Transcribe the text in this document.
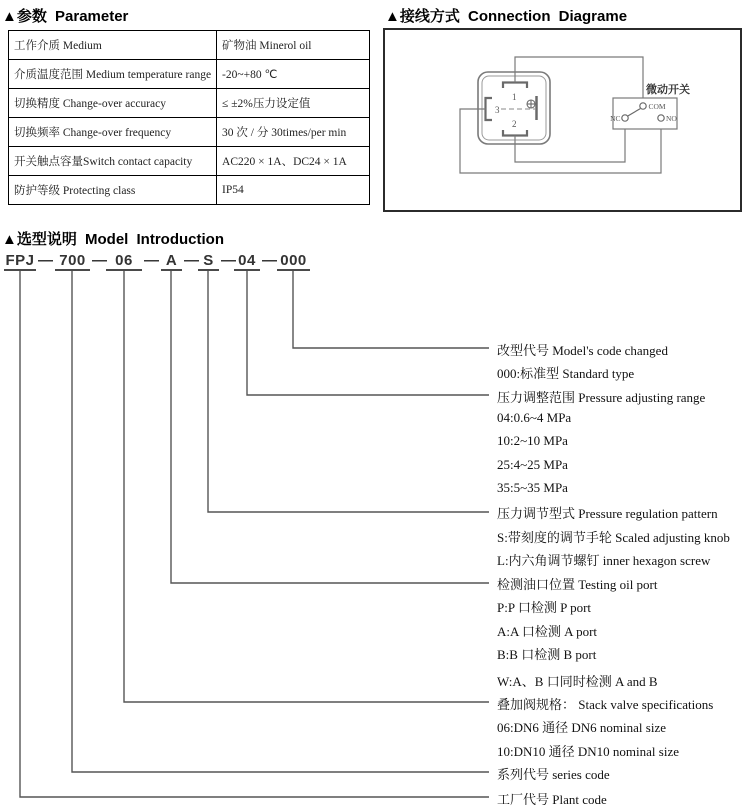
▲参数 Parameter
工作介质 Medium	矿物油 Minerol oil
介质温度范围 Medium temperature range	-20~+80 ℃
切换精度 Change-over accuracy	≤ ±2%压力设定值
切换频率 Change-over frequency	30 次 / 分 30times/per min
开关触点容量Switch contact capacity	AC220 × 1A、DC24 × 1A
防护等级 Protecting class	IP54
▲接线方式 Connection Diagrame
1
2
3
微动开关
COM
NC	NO
▲选型说明 Model Introduction
FPJ — 700 — 06 — A — S — 04 — 000
改型代号 Model's code changed
000:标准型 Standard type
压力调整范围 Pressure adjusting range
04:0.6~4 MPa
10:2~10 MPa
25:4~25 MPa
35:5~35 MPa
压力调节型式 Pressure regulation pattern
S:带刻度的调节手轮 Scaled adjusting knob
L:内六角调节螺钉 inner hexagon screw
检测油口位置 Testing oil port
P:P 口检测 P port
A:A 口检测 A port
B:B 口检测 B port
W:A、B 口同时检测 A and B
叠加阀规格： Stack valve specifications
06:DN6 通径 DN6 nominal size
10:DN10 通径 DN10 nominal size
系列代号 series code
工厂代号 Plant code
